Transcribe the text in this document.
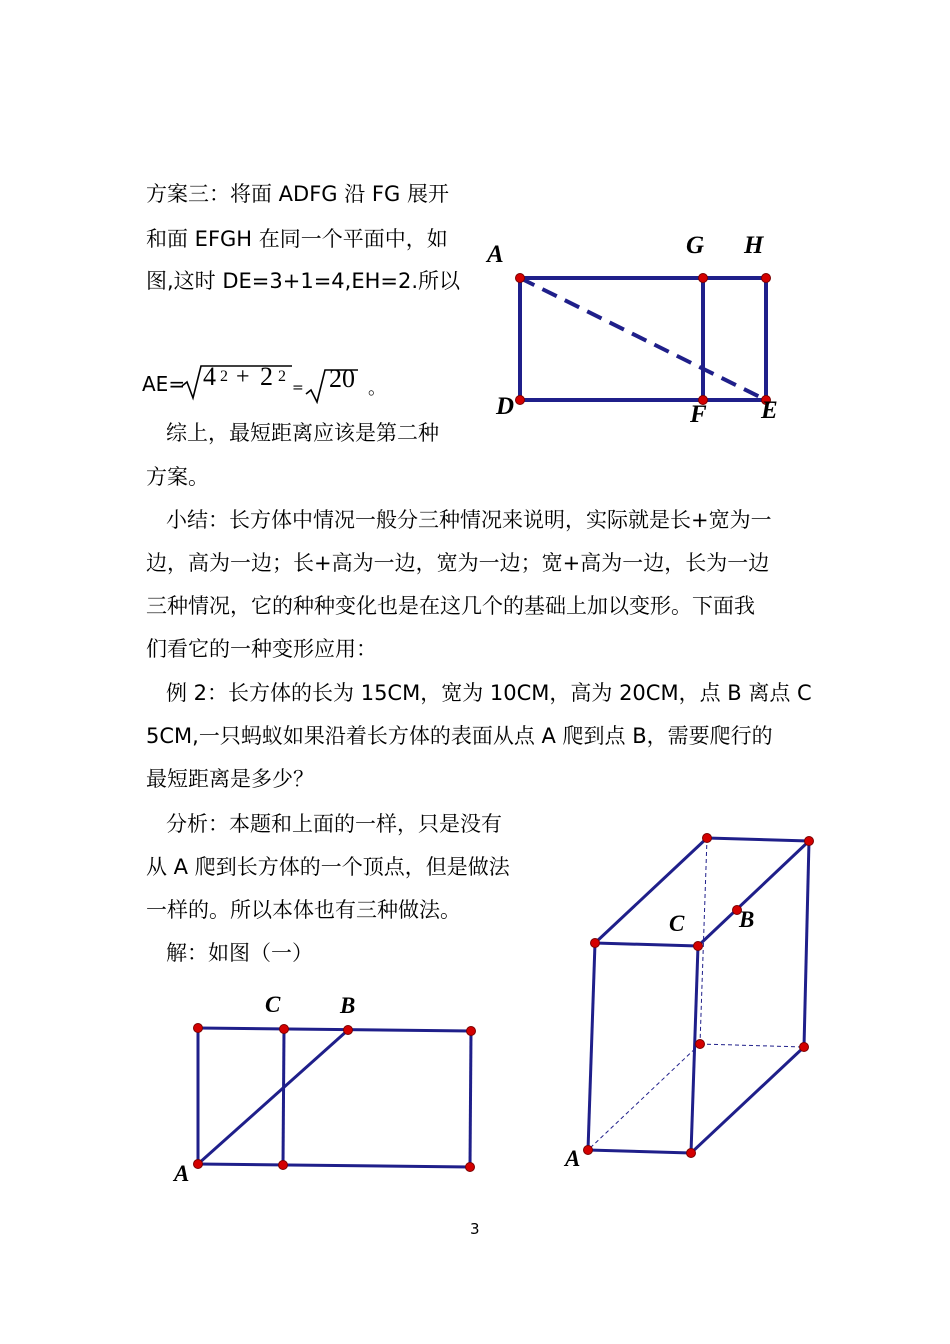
方案三：将面 ADFG 沿 FG 展开
和面 EFGH 在同一个平面中，如
图,这时 DE=3+1=4,EH=2.所以
AE= 4 2 + 2 2
= 20 。
综上，最短距离应该是第二种
方案。
小结：长方体中情况一般分三种情况来说明，实际就是长+宽为一
边，高为一边；长+高为一边，宽为一边；宽+高为一边，长为一边
三种情况，它的种种变化也是在这几个的基础上加以变形。下面我
们看它的一种变形应用：
例 2：长方体的长为 15CM，宽为 10CM，高为 20CM，点 B 离点 C
5CM,一只蚂蚁如果沿着长方体的表面从点 A 爬到点 B，需要爬行的
最短距离是多少？
分析：本题和上面的一样，只是没有
从 A 爬到长方体的一个顶点，但是做法
一样的。所以本体也有三种做法。
解：如图（一）
A	G H
D	F E
C	B
A
C B
A
3
